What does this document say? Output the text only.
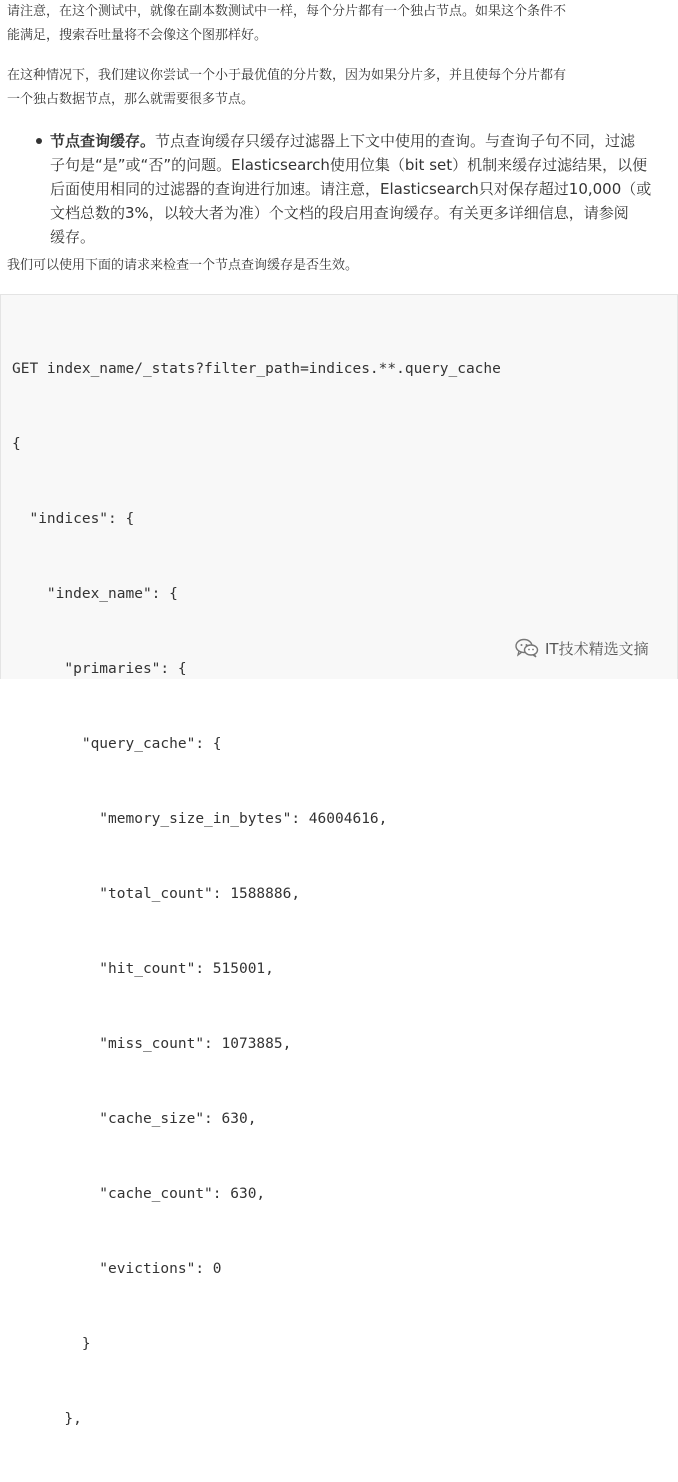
请注意，在这个测试中，就像在副本数测试中一样，每个分片都有一个独占节点。如果这个条件不
能满足，搜索吞吐量将不会像这个图那样好。
在这种情况下，我们建议你尝试一个小于最优值的分片数，因为如果分片多，并且使每个分片都有
一个独占数据节点，那么就需要很多节点。
节点查询缓存。节点查询缓存只缓存过滤器上下文中使用的查询。与查询子句不同，过滤
子句是“是”或“否”的问题。Elasticsearch使用位集（bit set）机制来缓存过滤结果，以便
后面使用相同的过滤器的查询进行加速。请注意，Elasticsearch只对保存超过10,000（或
文档总数的3%，以较大者为准）个文档的段启用查询缓存。有关更多详细信息，请参阅
缓存。
我们可以使用下面的请求来检查一个节点查询缓存是否生效。

GET index_name/_stats?filter_path=indices.**.query_cache

{

"indices": {

"index_name": {

"primaries": {

"query_cache": {

"memory_size_in_bytes": 46004616,

"total_count": 1588886,

"hit_count": 515001,

"miss_count": 1073885,

"cache_size": 630,

"cache_count": 630,

"evictions": 0

}

},

IT技术精选文摘
